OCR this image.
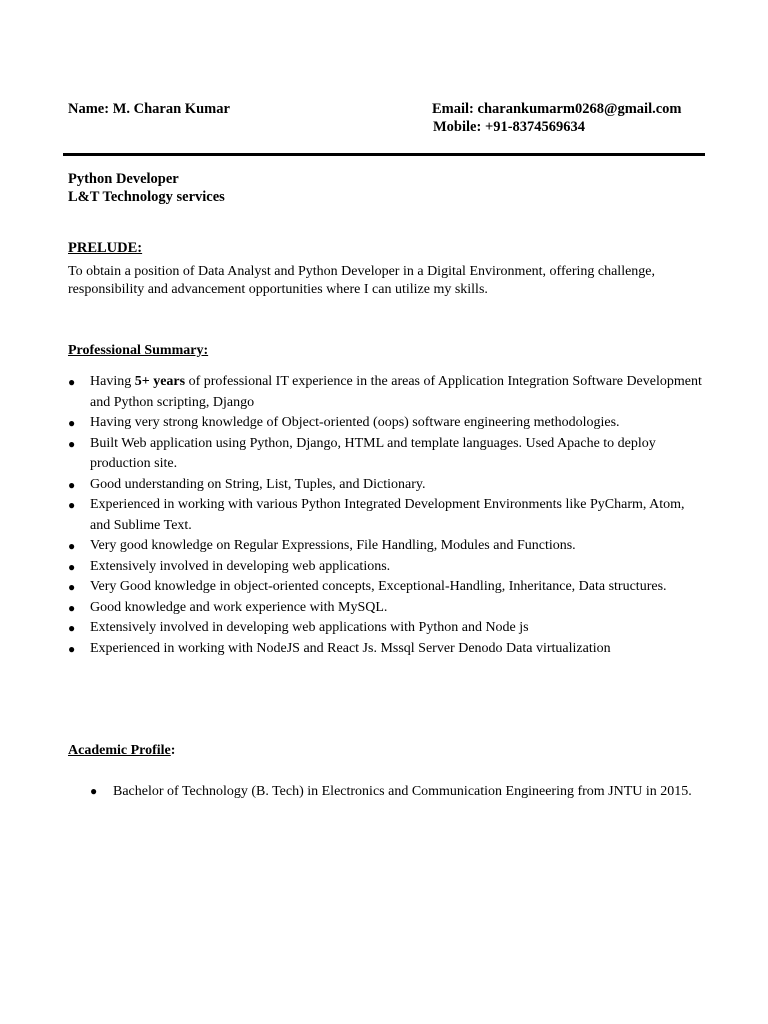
Name: M. Charan Kumar	Email: charankumarm0268@gmail.com
Mobile: +91-8374569634
Python Developer
L&T Technology services
PRELUDE:
To obtain a position of Data Analyst and Python Developer in a Digital Environment, offering challenge, responsibility and advancement opportunities where I can utilize my skills.
Professional Summary:
● Having 5+ years of professional IT experience in the areas of Application Integration Software Development and Python scripting, Django
● Having very strong knowledge of Object-oriented (oops) software engineering methodologies.
● Built Web application using Python, Django, HTML and template languages. Used Apache to deploy production site.
● Good understanding on String, List, Tuples, and Dictionary.
● Experienced in working with various Python Integrated Development Environments like PyCharm, Atom, and Sublime Text.
● Very good knowledge on Regular Expressions, File Handling, Modules and Functions.
● Extensively involved in developing web applications.
● Very Good knowledge in object-oriented concepts, Exceptional-Handling, Inheritance, Data structures.
● Good knowledge and work experience with MySQL.
● Extensively involved in developing web applications with Python and Node js
● Experienced in working with NodeJS and React Js. Mssql Server Denodo Data virtualization
Academic Profile:
● Bachelor of Technology (B. Tech) in Electronics and Communication Engineering from JNTU in 2015.
